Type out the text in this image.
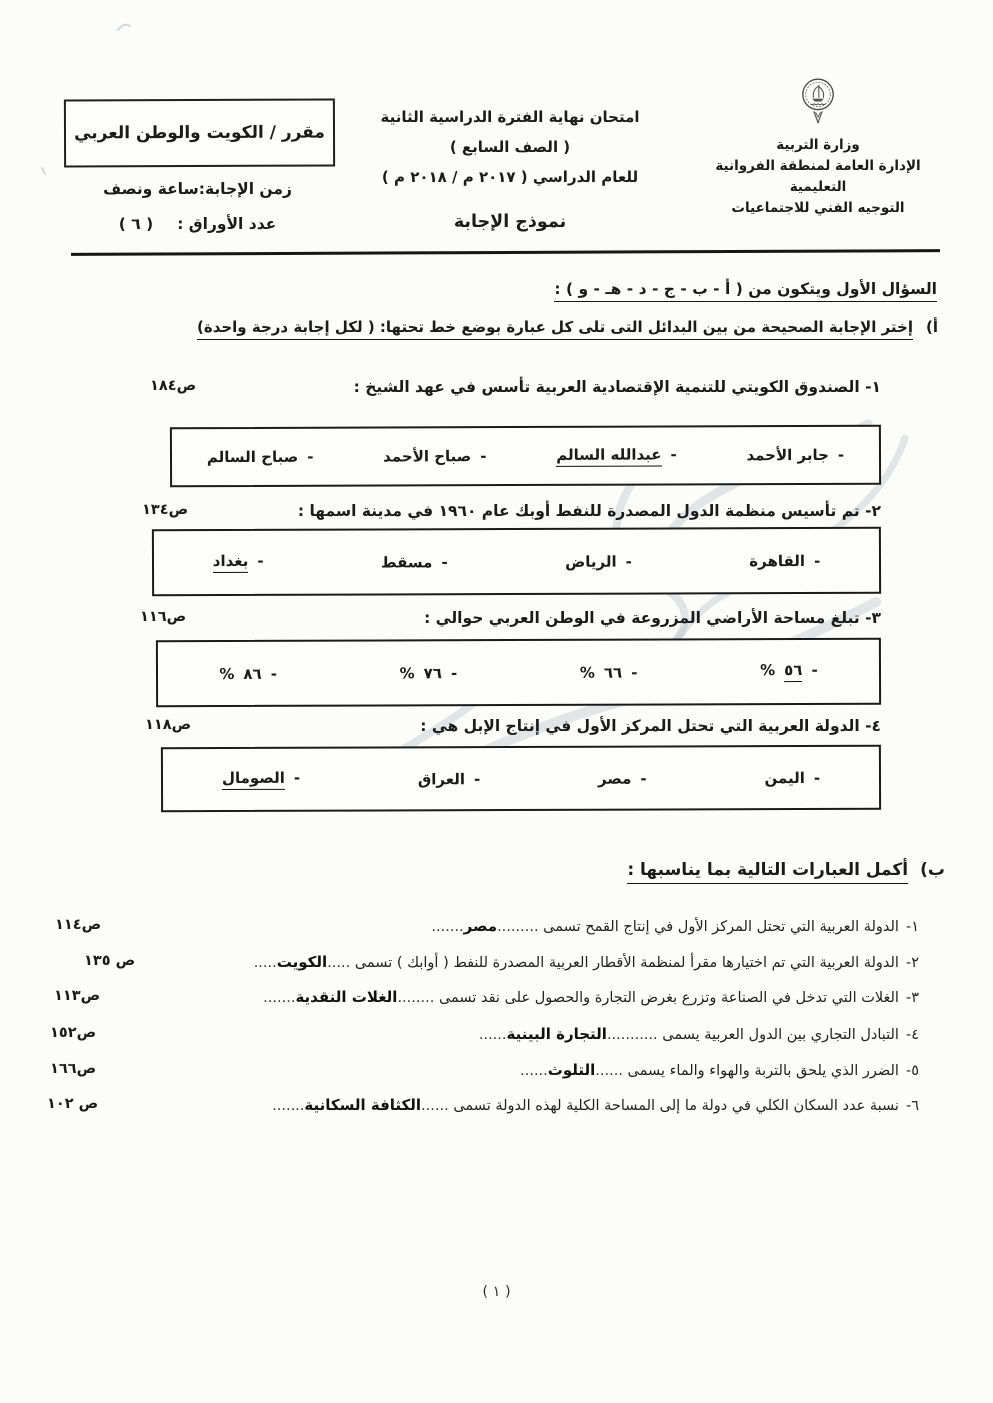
مقرر / الكويت والوطن العربي
زمن الإجابة:ساعة ونصف
عدد الأوراق :
( ٦ )
امتحان نهاية الفترة الدراسية الثانية
( الصف السابع )
للعام الدراسي ( ٢٠١٧ م / ٢٠١٨ م )
نموذج الإجابة
وزارة التربية
الإدارة العامة لمنطقة الفروانية
التعليمية
التوجيه الفني للاجتماعيات
السؤال الأول ويتكون من ( أ - ب - ج - د - هـ - و ) :
أ)
إختر الإجابة الصحيحة من بين البدائل التى تلى كل عبارة بوضع خط تحتها: ( لكل إجابة درجة واحدة)
١- الصندوق الكويتي للتنمية الإقتصادية العربية تأسس في عهد الشيخ :
ص١٨٤
-
جابر الأحمد
-
عبدالله السالم
-
صباح الأحمد
-
صباح السالم
٢- تم تأسيس منظمة الدول المصدرة للنفط أوبك عام ١٩٦٠ في مدينة اسمها :
ص١٣٤
-
القاهرة
-
الرياض
-
مسقط
-
بغداد
٣- تبلغ مساحة الأراضي المزروعة في الوطن العربي حوالي :
ص١١٦
-
٥٦
%
-
٦٦
%
-
٧٦
%
-
٨٦
%
٤- الدولة العربية التي تحتل المركز الأول في إنتاج الإبل هي :
ص١١٨
-
اليمن
-
مصر
-
العراق
-
الصومال
ب)
أكمل العبارات التالية بما يناسبها :
١-الدولة العربية التي تحتل المركز الأول في إنتاج القمح تسمى .........مصر.......
ص١١٤
٢-الدولة العربية التي تم اختيارها مقرأ لمنظمة الأقطار العربية المصدرة للنفط ( أوابك ) تسمى .....الكويت.....
ص ١٣٥
٣-الغلات التي تدخل في الصناعة وتزرع بغرض التجارة والحصول على نقد تسمى ........الغلات النقدية.......
ص١١٣
٤-التبادل التجاري بين الدول العربية يسمى ...........التجارة البينية......
ص١٥٢
٥-الضرر الذي يلحق بالتربة والهواء والماء يسمى ......التلوث......
ص١٦٦
٦-نسبة عدد السكان الكلي في دولة ما إلى المساحة الكلية لهذه الدولة تسمى ......الكثافة السكانية.......
ص ١٠٢
( ١ )
